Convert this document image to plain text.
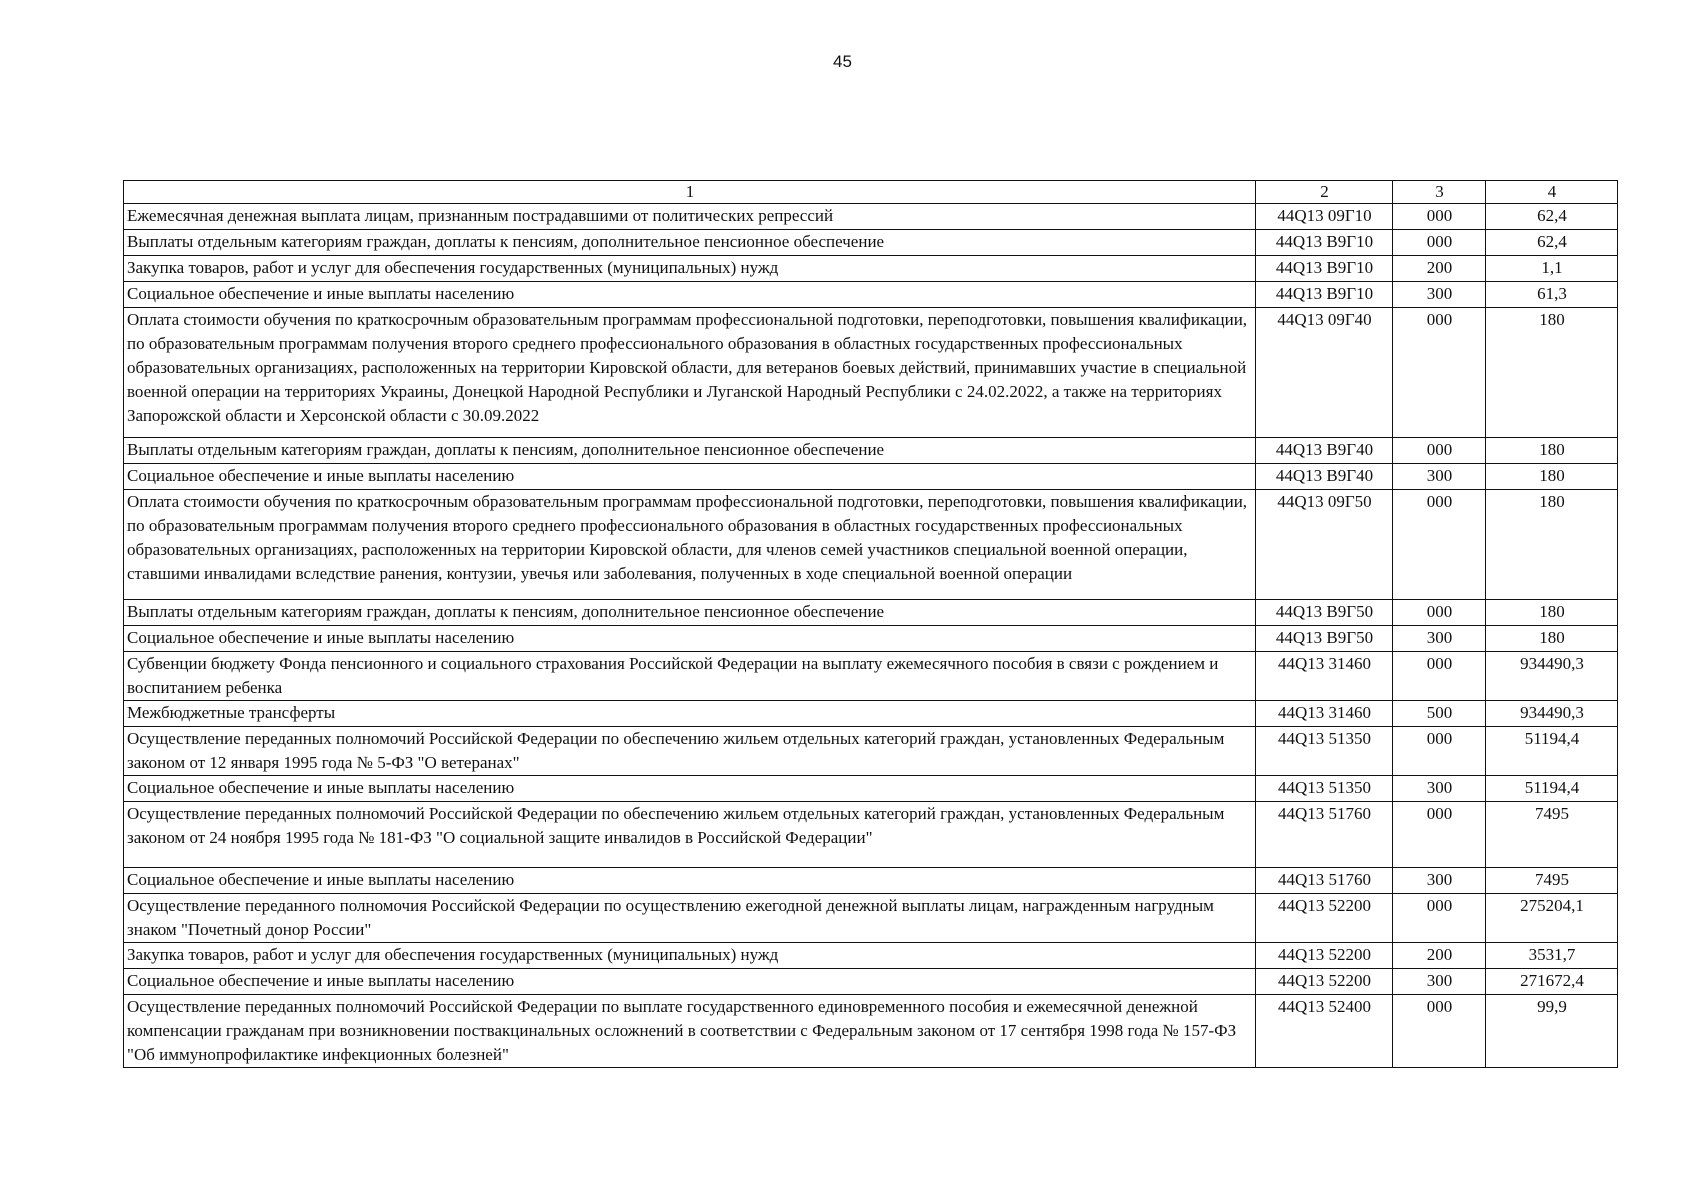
45
1	2	3	4
Ежемесячная денежная выплата лицам, признанным пострадавшими от политических репрессий	44Q13 09Г10	000	62,4
Выплаты отдельным категориям граждан, доплаты к пенсиям, дополнительное пенсионное обеспечение	44Q13 В9Г10	000	62,4
Закупка товаров, работ и услуг для обеспечения государственных (муниципальных) нужд	44Q13 В9Г10	200	1,1
Социальное обеспечение и иные выплаты населению	44Q13 В9Г10	300	61,3
Оплата стоимости обучения по краткосрочным образовательным программам профессиональной подготовки, переподготовки, повышения квалификации, по образовательным программам получения второго среднего профессионального образования в областных государственных профессиональных образовательных организациях, расположенных на территории Кировской области, для ветеранов боевых действий, принимавших участие в специальной военной операции на территориях Украины, Донецкой Народной Республики и Луганской Народный Республики с 24.02.2022, а также на территориях Запорожской области и Херсонской области с 30.09.2022	44Q13 09Г40	000	180
Выплаты отдельным категориям граждан, доплаты к пенсиям, дополнительное пенсионное обеспечение	44Q13 В9Г40	000	180
Социальное обеспечение и иные выплаты населению	44Q13 В9Г40	300	180
Оплата стоимости обучения по краткосрочным образовательным программам профессиональной подготовки, переподготовки, повышения квалификации, по образовательным программам получения второго среднего профессионального образования в областных государственных профессиональных образовательных организациях, расположенных на территории Кировской области, для членов семей участников специальной военной операции, ставшими инвалидами вследствие ранения, контузии, увечья или заболевания, полученных в ходе специальной военной операции	44Q13 09Г50	000	180
Выплаты отдельным категориям граждан, доплаты к пенсиям, дополнительное пенсионное обеспечение	44Q13 В9Г50	000	180
Социальное обеспечение и иные выплаты населению	44Q13 В9Г50	300	180
Субвенции бюджету Фонда пенсионного и социального страхования Российской Федерации на выплату ежемесячного пособия в связи с рождением и воспитанием ребенка	44Q13 31460	000	934490,3
Межбюджетные трансферты	44Q13 31460	500	934490,3
Осуществление переданных полномочий Российской Федерации по обеспечению жильем отдельных категорий граждан, установленных Федеральным законом от 12 января 1995 года № 5-ФЗ "О ветеранах"	44Q13 51350	000	51194,4
Социальное обеспечение и иные выплаты населению	44Q13 51350	300	51194,4
Осуществление переданных полномочий Российской Федерации по обеспечению жильем отдельных категорий граждан, установленных Федеральным законом от 24 ноября 1995 года № 181-ФЗ "О социальной защите инвалидов в Российской Федерации"	44Q13 51760	000	7495
Социальное обеспечение и иные выплаты населению	44Q13 51760	300	7495
Осуществление переданного полномочия Российской Федерации по осуществлению ежегодной денежной выплаты лицам, награжденным нагрудным знаком "Почетный донор России"	44Q13 52200	000	275204,1
Закупка товаров, работ и услуг для обеспечения государственных (муниципальных) нужд	44Q13 52200	200	3531,7
Социальное обеспечение и иные выплаты населению	44Q13 52200	300	271672,4
Осуществление переданных полномочий Российской Федерации по выплате государственного единовременного пособия и ежемесячной денежной компенсации гражданам при возникновении поствакцинальных осложнений в соответствии с Федеральным законом от 17 сентября 1998 года № 157-ФЗ "Об иммунопрофилактике инфекционных болезней"	44Q13 52400	000	99,9
